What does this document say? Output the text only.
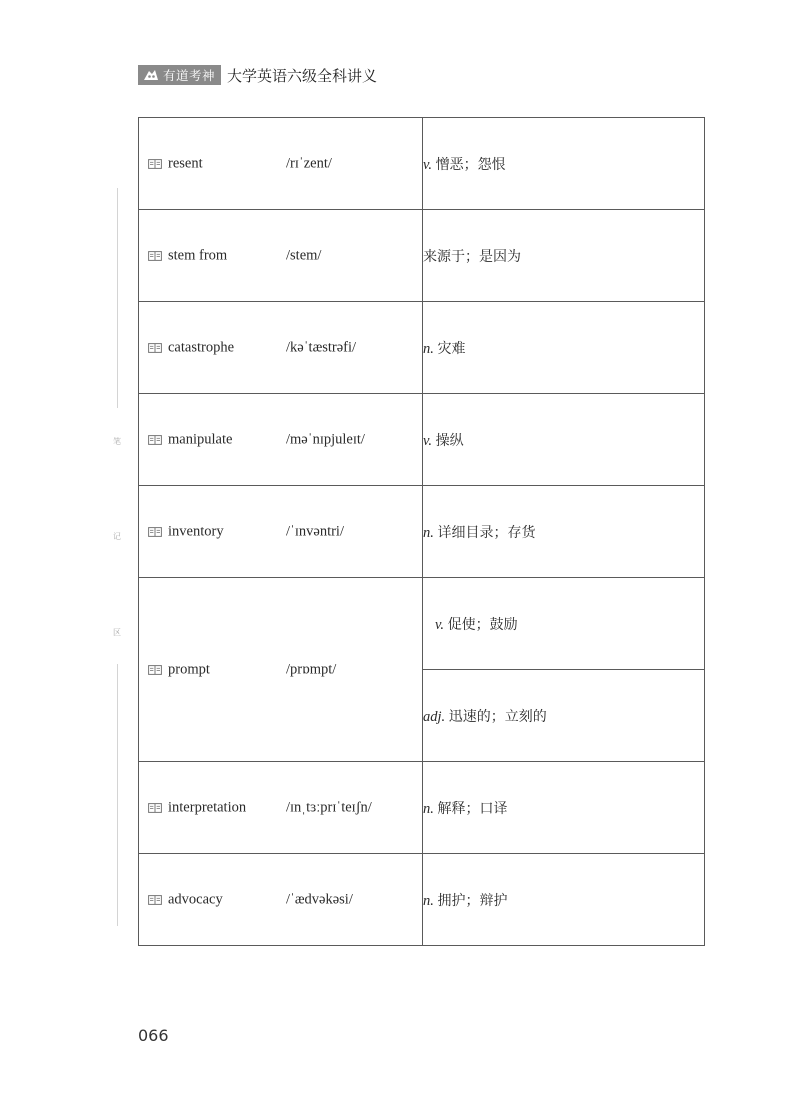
有道考神 大学英语六级全科讲义
笔
记
区
resent /rɪˈzent/	v. 憎恶；怨恨

stem from /stem/	来源于；是因为

catastrophe /kəˈtæstrəfi/	n. 灾难

manipulate /məˈnɪpjuleɪt/	v. 操纵

inventory /ˈɪnvəntri/	n. 详细目录；存货

prompt /prɒmpt/	v. 促使；鼓励
	adj. 迅速的；立刻的

interpretation /ɪnˌtɜːprɪˈteɪʃn/	n. 解释；口译

advocacy /ˈædvəkəsi/	n. 拥护；辩护
066
